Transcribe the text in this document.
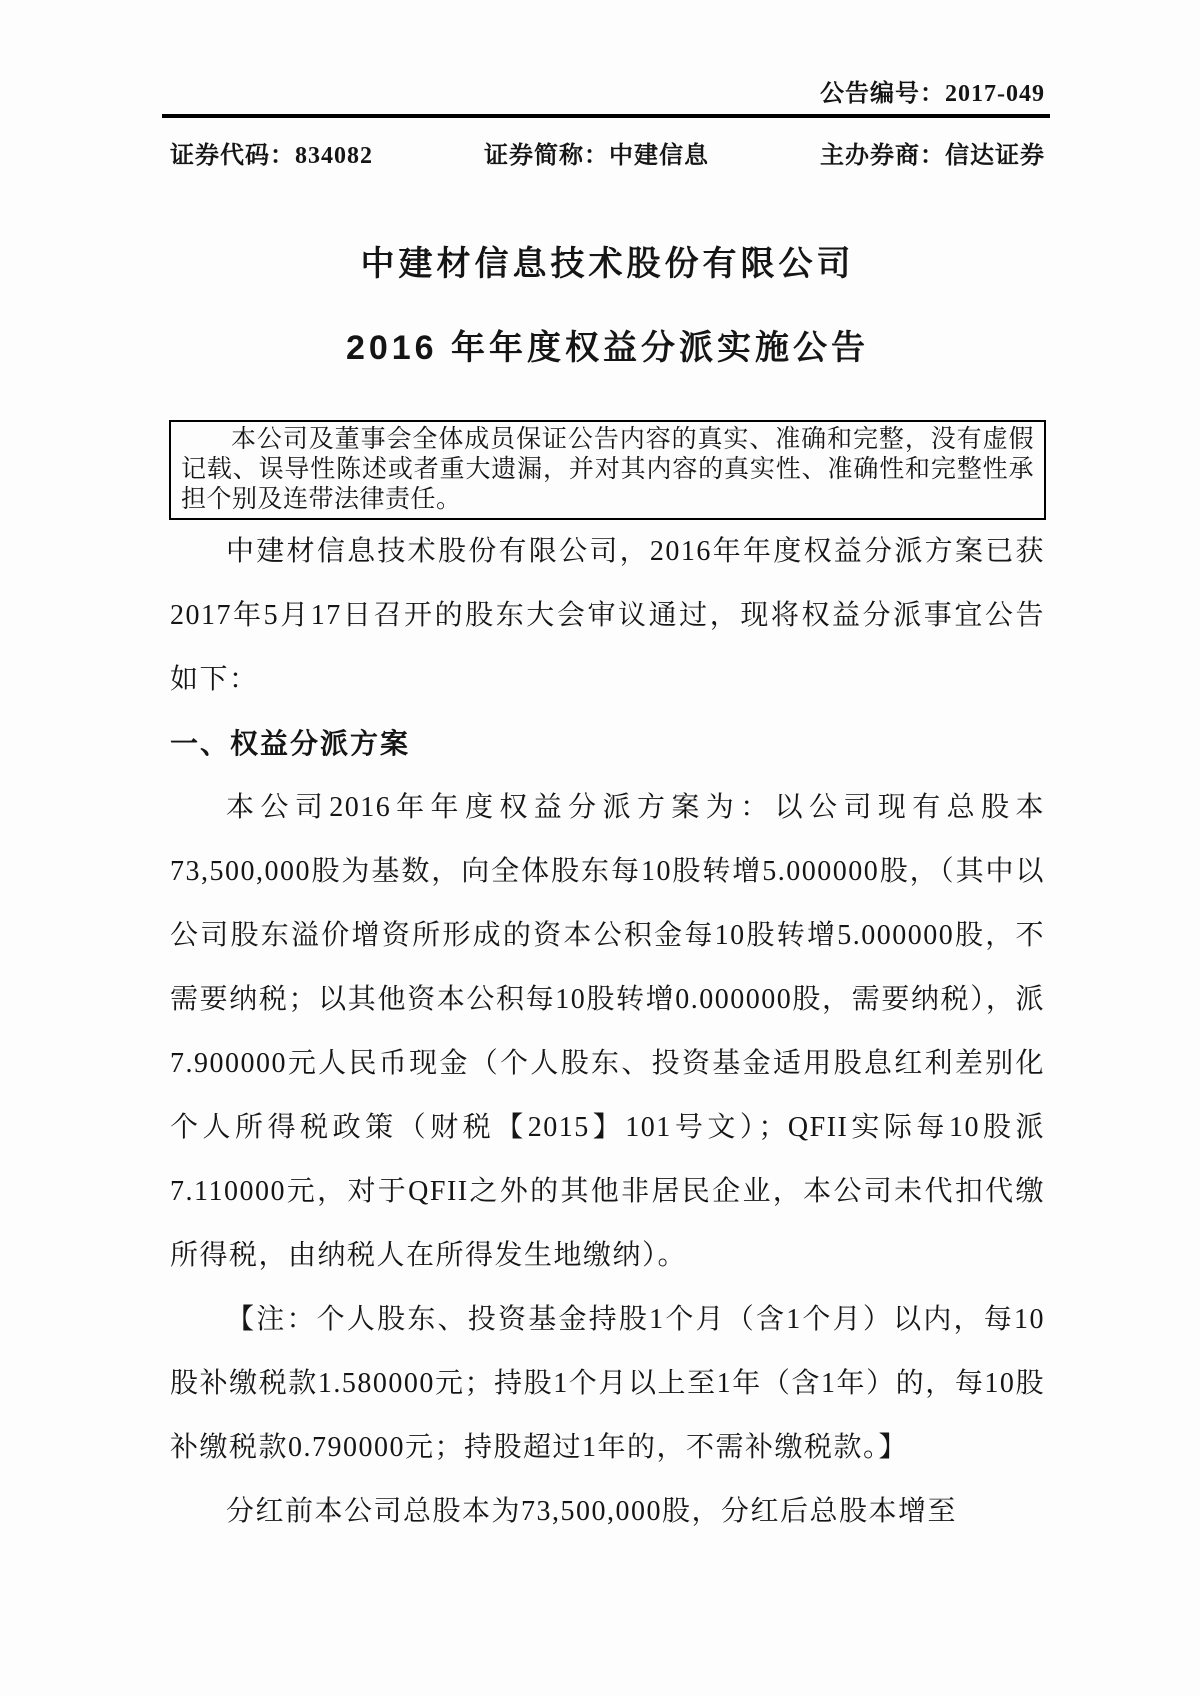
公告编号：2017-049
证券代码：834082	证券简称：中建信息	主办券商：信达证券
中建材信息技术股份有限公司
2016 年年度权益分派实施公告

本公司及董事会全体成员保证公告内容的真实、准确和完整，没有虚假记载、误导性陈述或者重大遗漏，并对其内容的真实性、准确性和完整性承担个别及连带法律责任。

中建材信息技术股份有限公司，2016年年度权益分派方案已获2017年5月17日召开的股东大会审议通过，现将权益分派事宜公告如下：

一、权益分派方案

本公司2016年年度权益分派方案为：以公司现有总股本73,500,000股为基数，向全体股东每10股转增5.000000股，（其中以公司股东溢价增资所形成的资本公积金每10股转增5.000000股，不需要纳税；以其他资本公积每10股转增0.000000股，需要纳税），派7.900000元人民币现金（个人股东、投资基金适用股息红利差别化个人所得税政策（财税【2015】101号文）；QFII实际每10股派7.110000元，对于QFII之外的其他非居民企业，本公司未代扣代缴所得税，由纳税人在所得发生地缴纳）。

【注：个人股东、投资基金持股1个月（含1个月）以内，每10股补缴税款1.580000元；持股1个月以上至1年（含1年）的，每10股补缴税款0.790000元；持股超过1年的，不需补缴税款。】

分红前本公司总股本为73,500,000股，分红后总股本增至
